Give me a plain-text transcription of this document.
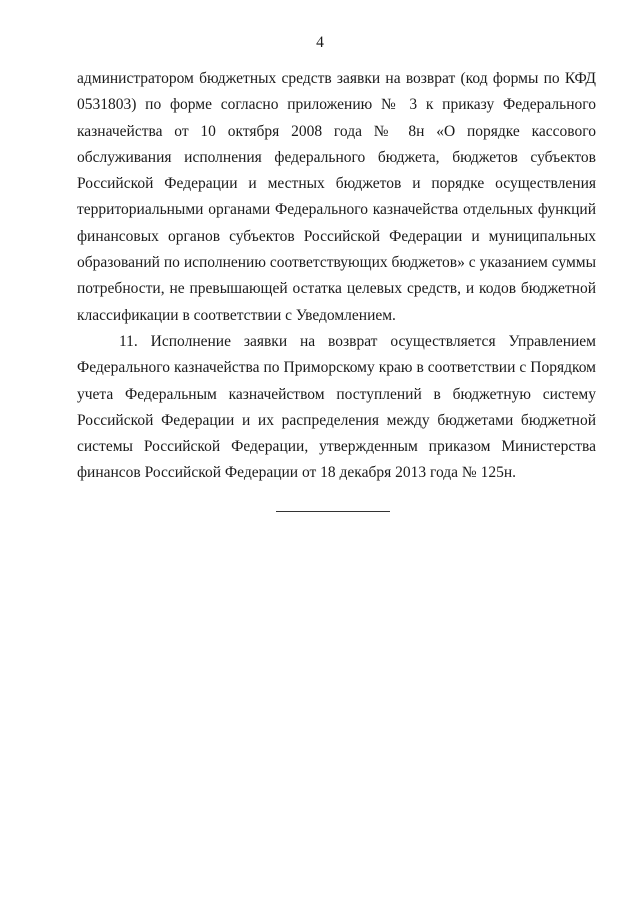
4

администратором бюджетных средств заявки на возврат (код формы по КФД 0531803) по форме согласно приложению № 3 к приказу Федерального казначейства от 10 октября 2008 года № 8н «О порядке кассового обслуживания исполнения федерального бюджета, бюджетов субъектов Российской Федерации и местных бюджетов и порядке осуществления территориальными органами Федерального казначейства отдельных функций финансовых органов субъектов Российской Федерации и муниципальных образований по исполнению соответствующих бюджетов» с указанием суммы потребности, не превышающей остатка целевых средств, и кодов бюджетной классификации в соответствии с Уведомлением.

11. Исполнение заявки на возврат осуществляется Управлением Федерального казначейства по Приморскому краю в соответствии с Порядком учета Федеральным казначейством поступлений в бюджетную систему Российской Федерации и их распределения между бюджетами бюджетной системы Российской Федерации, утвержденным приказом Министерства финансов Российской Федерации от 18 декабря 2013 года № 125н.
